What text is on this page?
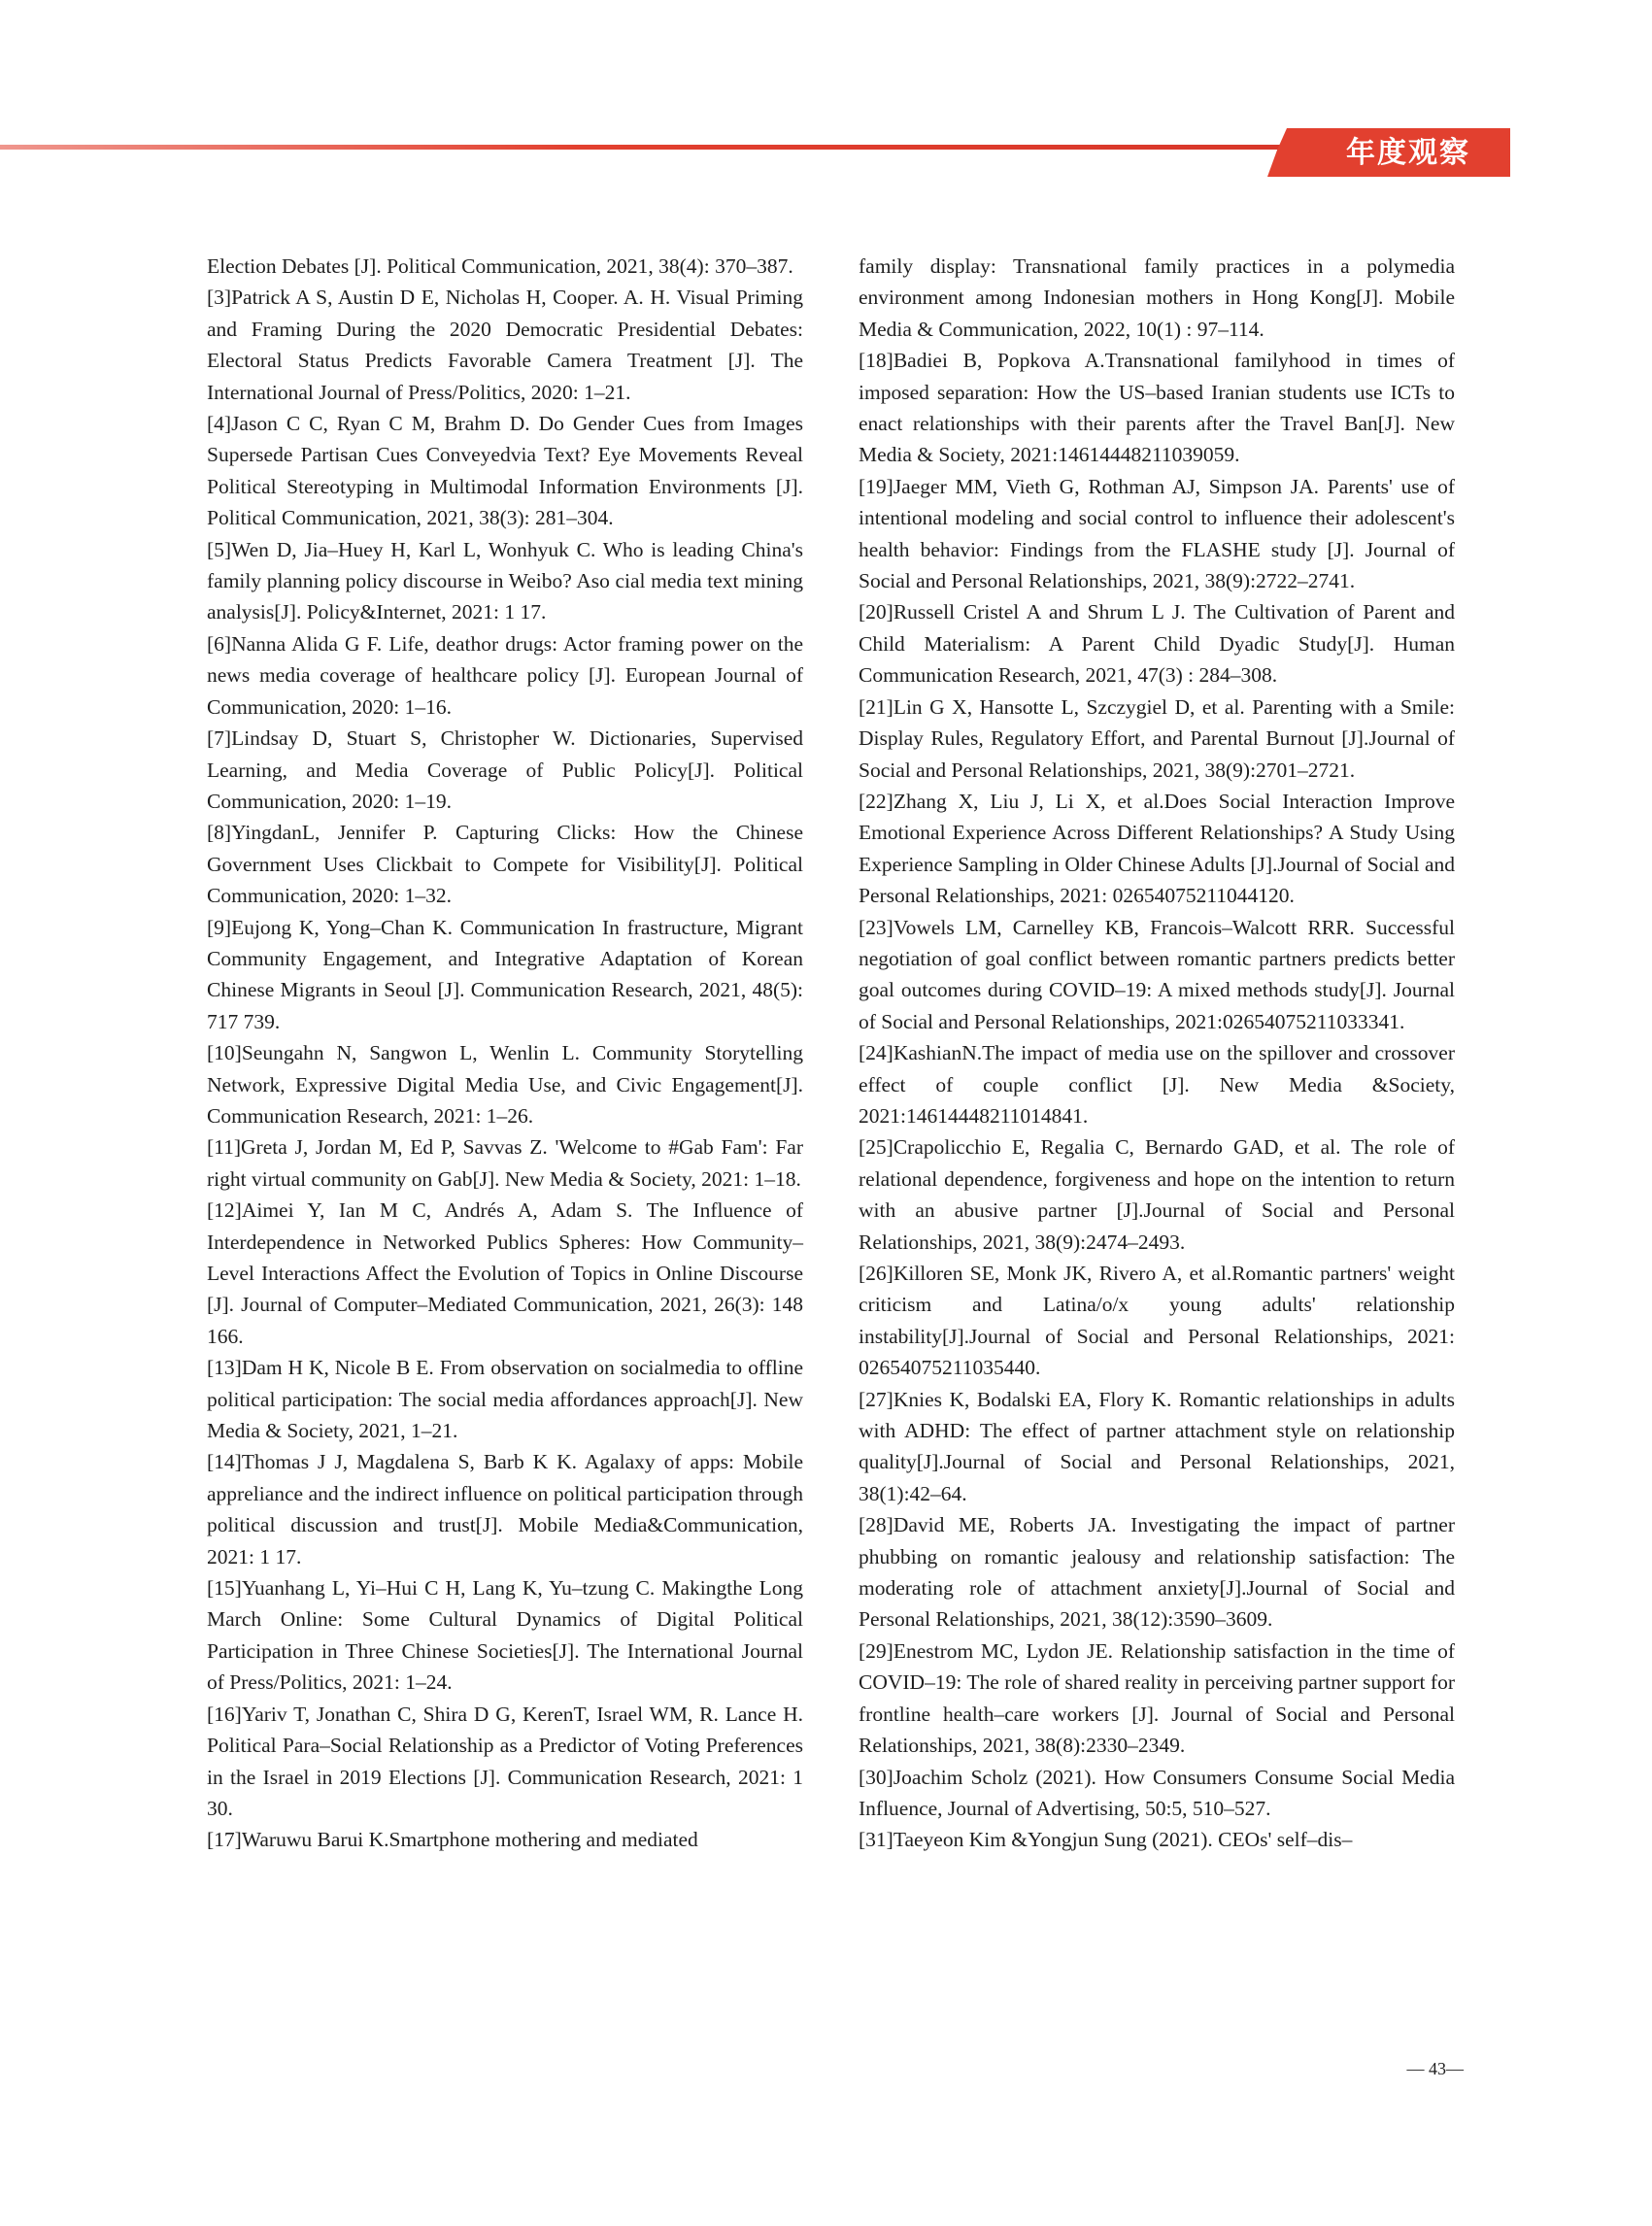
年度观察

Election Debates [J]. Political Communication, 2021, 38(4): 370–387.

[3]Patrick A S, Austin D E, Nicholas H, Cooper. A. H. Visual Priming and Framing During the 2020 Democratic Presidential Debates: Electoral Status Predicts Favorable Camera Treatment [J]. The International Journal of Press/Politics, 2020: 1–21.

[4]Jason C C, Ryan C M, Brahm D. Do Gender Cues from Images Supersede Partisan Cues Conveyedvia Text? Eye Movements Reveal Political Stereotyping in Multimodal Information Environments [J]. Political Communication, 2021, 38(3): 281–304.

[5]Wen D, Jia–Huey H, Karl L, Wonhyuk C. Who is leading China's family planning policy discourse in Weibo? Aso cial media text mining analysis[J]. Policy&Internet, 2021: 1 17.

[6]Nanna Alida G F. Life, deathor drugs: Actor framing power on the news media coverage of healthcare policy [J]. European Journal of Communication, 2020: 1–16.

[7]Lindsay D, Stuart S, Christopher W. Dictionaries, Supervised Learning, and Media Coverage of Public Policy[J]. Political Communication, 2020: 1–19.

[8]YingdanL, Jennifer P. Capturing Clicks: How the Chinese Government Uses Clickbait to Compete for Visibility[J]. Political Communication, 2020: 1–32.

[9]Eujong K, Yong–Chan K. Communication In frastructure, Migrant Community Engagement, and Integrative Adaptation of Korean Chinese Migrants in Seoul [J]. Communication Research, 2021, 48(5): 717 739.

[10]Seungahn N, Sangwon L, Wenlin L. Community Storytelling Network, Expressive Digital Media Use, and Civic Engagement[J]. Communication Research, 2021: 1–26.

[11]Greta J, Jordan M, Ed P, Savvas Z. 'Welcome to #Gab Fam': Far right virtual community on Gab[J]. New Media & Society, 2021: 1–18.

[12]Aimei Y, Ian M C, Andrés A, Adam S. The Influence of Interdependence in Networked Publics Spheres: How Community–Level Interactions Affect the Evolution of Topics in Online Discourse [J]. Journal of Computer–Mediated Communication, 2021, 26(3): 148 166.

[13]Dam H K, Nicole B E. From observation on socialmedia to offline political participation: The social media affordances approach[J]. New Media & Society, 2021, 1–21.

[14]Thomas J J, Magdalena S, Barb K K. Agalaxy of apps: Mobile appreliance and the indirect influence on political participation through political discussion and trust[J]. Mobile Media&Communication, 2021: 1 17.

[15]Yuanhang L, Yi–Hui C H, Lang K, Yu–tzung C. Makingthe Long March Online: Some Cultural Dynamics of Digital Political Participation in Three Chinese Societies[J]. The International Journal of Press/Politics, 2021: 1–24.

[16]Yariv T, Jonathan C, Shira D G, KerenT, Israel WM, R. Lance H. Political Para–Social Relationship as a Predictor of Voting Preferences in the Israel in 2019 Elections [J]. Communication Research, 2021: 1 30.

[17]Waruwu Barui K.Smartphone mothering and mediated

family display: Transnational family practices in a polymedia environment among Indonesian mothers in Hong Kong[J]. Mobile Media & Communication, 2022, 10(1) : 97–114.

[18]Badiei B, Popkova A.Transnational familyhood in times of imposed separation: How the US–based Iranian students use ICTs to enact relationships with their parents after the Travel Ban[J]. New Media & Society, 2021:14614448211039059.

[19]Jaeger MM, Vieth G, Rothman AJ, Simpson JA. Parents' use of intentional modeling and social control to influence their adolescent's health behavior: Findings from the FLASHE study [J]. Journal of Social and Personal Relationships, 2021, 38(9):2722–2741.

[20]Russell Cristel A and Shrum L J. The Cultivation of Parent and Child Materialism: A Parent Child Dyadic Study[J]. Human Communication Research, 2021, 47(3) : 284–308.

[21]Lin G X, Hansotte L, Szczygiel D, et al. Parenting with a Smile: Display Rules, Regulatory Effort, and Parental Burnout [J].Journal of Social and Personal Relationships, 2021, 38(9):2701–2721.

[22]Zhang X, Liu J, Li X, et al.Does Social Interaction Improve Emotional Experience Across Different Relationships? A Study Using Experience Sampling in Older Chinese Adults [J].Journal of Social and Personal Relationships, 2021: 02654075211044120.

[23]Vowels LM, Carnelley KB, Francois–Walcott RRR. Successful negotiation of goal conflict between romantic partners predicts better goal outcomes during COVID–19: A mixed methods study[J]. Journal of Social and Personal Relationships, 2021:02654075211033341.

[24]KashianN.The impact of media use on the spillover and crossover effect of couple conflict [J]. New Media &Society, 2021:14614448211014841.

[25]Crapolicchio E, Regalia C, Bernardo GAD, et al. The role of relational dependence, forgiveness and hope on the intention to return with an abusive partner [J].Journal of Social and Personal Relationships, 2021, 38(9):2474–2493.

[26]Killoren SE, Monk JK, Rivero A, et al.Romantic partners' weight criticism and Latina/o/x young adults' relationship instability[J].Journal of Social and Personal Relationships, 2021: 02654075211035440.

[27]Knies K, Bodalski EA, Flory K. Romantic relationships in adults with ADHD: The effect of partner attachment style on relationship quality[J].Journal of Social and Personal Relationships, 2021, 38(1):42–64.

[28]David ME, Roberts JA. Investigating the impact of partner phubbing on romantic jealousy and relationship satisfaction: The moderating role of attachment anxiety[J].Journal of Social and Personal Relationships, 2021, 38(12):3590–3609.

[29]Enestrom MC, Lydon JE. Relationship satisfaction in the time of COVID–19: The role of shared reality in perceiving partner support for frontline health–care workers [J]. Journal of Social and Personal Relationships, 2021, 38(8):2330–2349.

[30]Joachim Scholz (2021). How Consumers Consume Social Media Influence, Journal of Advertising, 50:5, 510–527.

[31]Taeyeon Kim &Yongjun Sung (2021). CEOs' self–dis–

— 43—
